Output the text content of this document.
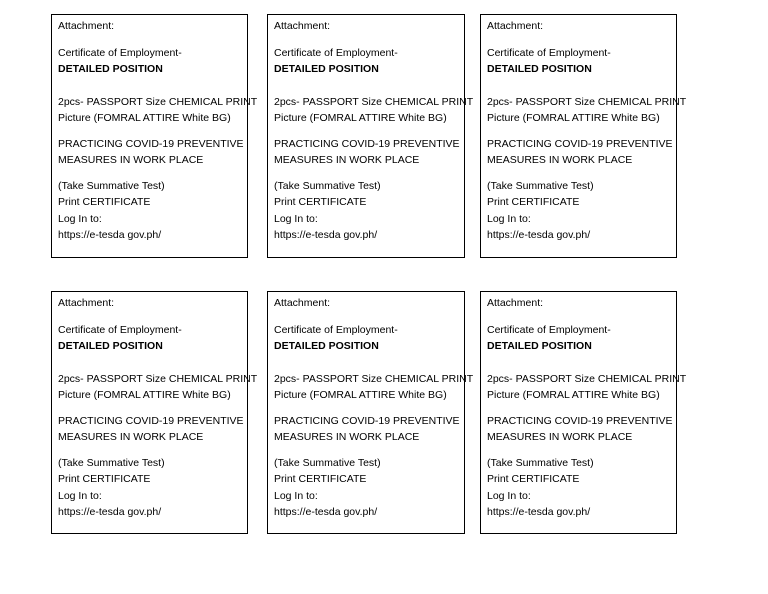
Attachment:
Certificate of Employment-
DETAILED POSITION
2pcs- PASSPORT Size CHEMICAL PRINT
Picture (FOMRAL ATTIRE White BG)
PRACTICING COVID-19 PREVENTIVE
MEASURES IN WORK PLACE
(Take Summative Test)
Print CERTIFICATE
Log In to:
https://e-tesda gov.ph/
Attachment:
Certificate of Employment-
DETAILED POSITION
2pcs- PASSPORT Size CHEMICAL PRINT
Picture (FOMRAL ATTIRE White BG)
PRACTICING COVID-19 PREVENTIVE
MEASURES IN WORK PLACE
(Take Summative Test)
Print CERTIFICATE
Log In to:
https://e-tesda gov.ph/
Attachment:
Certificate of Employment-
DETAILED POSITION
2pcs- PASSPORT Size CHEMICAL PRINT
Picture (FOMRAL ATTIRE White BG)
PRACTICING COVID-19 PREVENTIVE
MEASURES IN WORK PLACE
(Take Summative Test)
Print CERTIFICATE
Log In to:
https://e-tesda gov.ph/
Attachment:
Certificate of Employment-
DETAILED POSITION
2pcs- PASSPORT Size CHEMICAL PRINT
Picture (FOMRAL ATTIRE White BG)
PRACTICING COVID-19 PREVENTIVE
MEASURES IN WORK PLACE
(Take Summative Test)
Print CERTIFICATE
Log In to:
https://e-tesda gov.ph/
Attachment:
Certificate of Employment-
DETAILED POSITION
2pcs- PASSPORT Size CHEMICAL PRINT
Picture (FOMRAL ATTIRE White BG)
PRACTICING COVID-19 PREVENTIVE
MEASURES IN WORK PLACE
(Take Summative Test)
Print CERTIFICATE
Log In to:
https://e-tesda gov.ph/
Attachment:
Certificate of Employment-
DETAILED POSITION
2pcs- PASSPORT Size CHEMICAL PRINT
Picture (FOMRAL ATTIRE White BG)
PRACTICING COVID-19 PREVENTIVE
MEASURES IN WORK PLACE
(Take Summative Test)
Print CERTIFICATE
Log In to:
https://e-tesda gov.ph/
